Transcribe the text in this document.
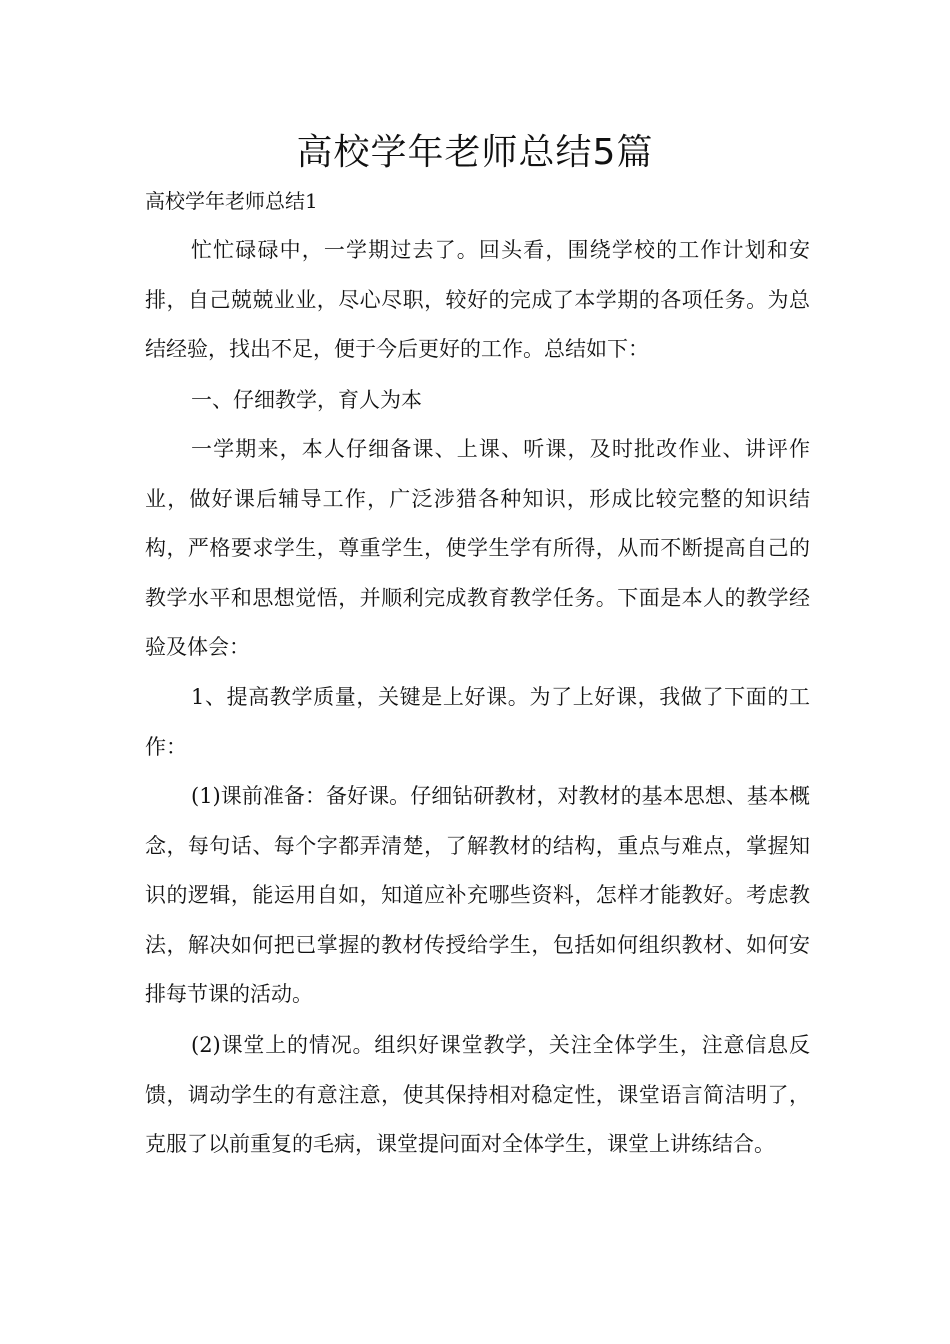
高校学年老师总结5篇

高校学年老师总结1

忙忙碌碌中，一学期过去了。回头看，围绕学校的工作计划和安排，自己兢兢业业，尽心尽职，较好的完成了本学期的各项任务。为总结经验，找出不足，便于今后更好的工作。总结如下：

一、仔细教学，育人为本

一学期来，本人仔细备课、上课、听课，及时批改作业、讲评作业，做好课后辅导工作，广泛涉猎各种知识，形成比较完整的知识结构，严格要求学生，尊重学生，使学生学有所得，从而不断提高自己的教学水平和思想觉悟，并顺利完成教育教学任务。下面是本人的教学经验及体会：

1、提高教学质量，关键是上好课。为了上好课，我做了下面的工作：

(1)课前准备：备好课。仔细钻研教材，对教材的基本思想、基本概念，每句话、每个字都弄清楚，了解教材的结构，重点与难点，掌握知识的逻辑，能运用自如，知道应补充哪些资料，怎样才能教好。考虑教法，解决如何把已掌握的教材传授给学生，包括如何组织教材、如何安排每节课的活动。

(2)课堂上的情况。组织好课堂教学，关注全体学生，注意信息反馈，调动学生的有意注意，使其保持相对稳定性，课堂语言简洁明了，克服了以前重复的毛病，课堂提问面对全体学生，课堂上讲练结合。
